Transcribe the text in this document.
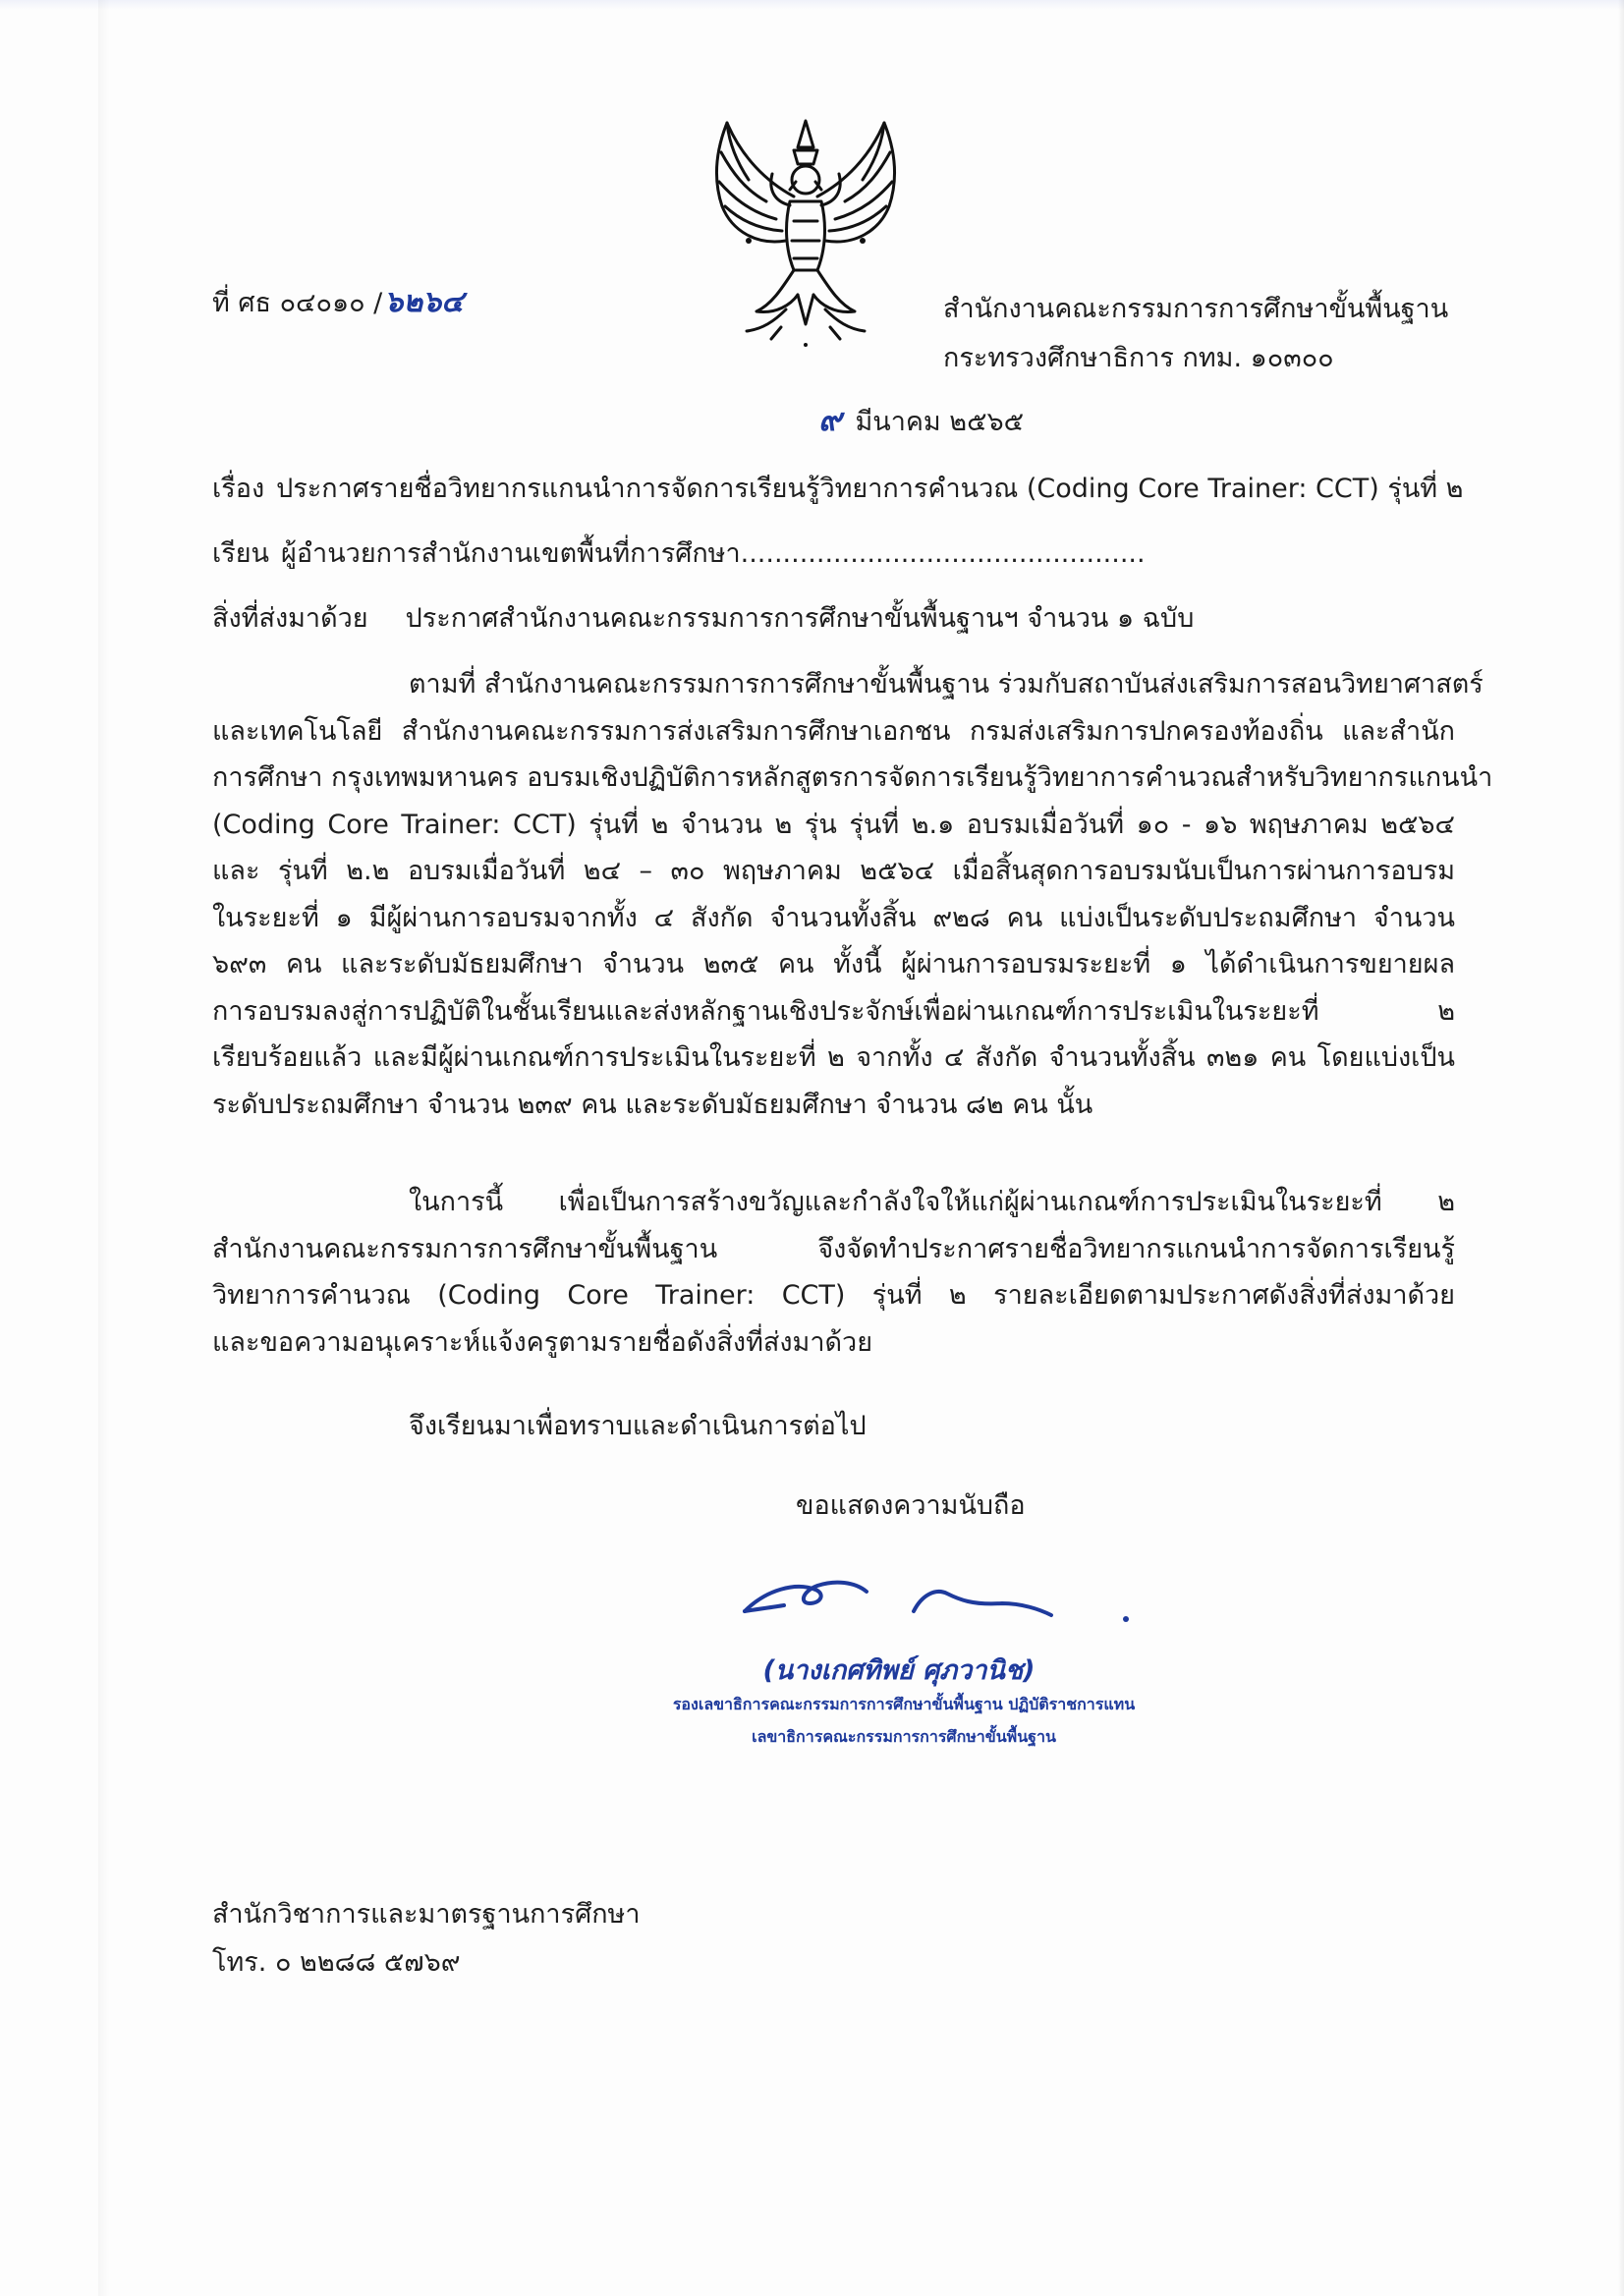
ที่ ศธ ๐๔๐๑๐ /๖๒๖๔	สำนักงานคณะกรรมการการศึกษาขั้นพื้นฐาน
กระทรวงศึกษาธิการ กทม. ๑๐๓๐๐
๙ มีนาคม ๒๕๖๕
เรื่อง ประกาศรายชื่อวิทยากรแกนนำการจัดการเรียนรู้วิทยาการคำนวณ (Coding Core Trainer: CCT) รุ่นที่ ๒
เรียน ผู้อำนวยการสำนักงานเขตพื้นที่การศึกษา................................................
สิ่งที่ส่งมาด้วย ประกาศสำนักงานคณะกรรมการการศึกษาขั้นพื้นฐานฯ จำนวน ๑ ฉบับ
ตามที่ สำนักงานคณะกรรมการการศึกษาขั้นพื้นฐาน ร่วมกับสถาบันส่งเสริมการสอนวิทยาศาสตร์
และเทคโนโลยี สำนักงานคณะกรรมการส่งเสริมการศึกษาเอกชน กรมส่งเสริมการปกครองท้องถิ่น และสำนัก
การศึกษา กรุงเทพมหานคร อบรมเชิงปฏิบัติการหลักสูตรการจัดการเรียนรู้วิทยาการคำนวณสำหรับวิทยากรแกนนำ
(Coding Core Trainer: CCT) รุ่นที่ ๒ จำนวน ๒ รุ่น รุ่นที่ ๒.๑ อบรมเมื่อวันที่ ๑๐ - ๑๖ พฤษภาคม ๒๕๖๔
และ รุ่นที่ ๒.๒ อบรมเมื่อวันที่ ๒๔ – ๓๐ พฤษภาคม ๒๕๖๔ เมื่อสิ้นสุดการอบรมนับเป็นการผ่านการอบรม
ในระยะที่ ๑ มีผู้ผ่านการอบรมจากทั้ง ๔ สังกัด จำนวนทั้งสิ้น ๙๒๘ คน แบ่งเป็นระดับประถมศึกษา จำนวน
๖๙๓ คน และระดับมัธยมศึกษา จำนวน ๒๓๕ คน ทั้งนี้ ผู้ผ่านการอบรมระยะที่ ๑ ได้ดำเนินการขยายผล
การอบรมลงสู่การปฏิบัติในชั้นเรียนและส่งหลักฐานเชิงประจักษ์เพื่อผ่านเกณฑ์การประเมินในระยะที่ ๒
เรียบร้อยแล้ว และมีผู้ผ่านเกณฑ์การประเมินในระยะที่ ๒ จากทั้ง ๔ สังกัด จำนวนทั้งสิ้น ๓๒๑ คน โดยแบ่งเป็น
ระดับประถมศึกษา จำนวน ๒๓๙ คน และระดับมัธยมศึกษา จำนวน ๘๒ คน นั้น
ในการนี้ เพื่อเป็นการสร้างขวัญและกำลังใจให้แก่ผู้ผ่านเกณฑ์การประเมินในระยะที่ ๒
สำนักงานคณะกรรมการการศึกษาขั้นพื้นฐาน จึงจัดทำประกาศรายชื่อวิทยากรแกนนำการจัดการเรียนรู้
วิทยาการคำนวณ (Coding Core Trainer: CCT) รุ่นที่ ๒ รายละเอียดตามประกาศดังสิ่งที่ส่งมาด้วย
และขอความอนุเคราะห์แจ้งครูตามรายชื่อดังสิ่งที่ส่งมาด้วย
จึงเรียนมาเพื่อทราบและดำเนินการต่อไป
ขอแสดงความนับถือ
(นางเกศทิพย์ ศุภวานิช)
รองเลขาธิการคณะกรรมการการศึกษาขั้นพื้นฐาน ปฏิบัติราชการแทน
เลขาธิการคณะกรรมการการศึกษาขั้นพื้นฐาน
สำนักวิชาการและมาตรฐานการศึกษา
โทร. ๐ ๒๒๘๘ ๕๗๖๙
